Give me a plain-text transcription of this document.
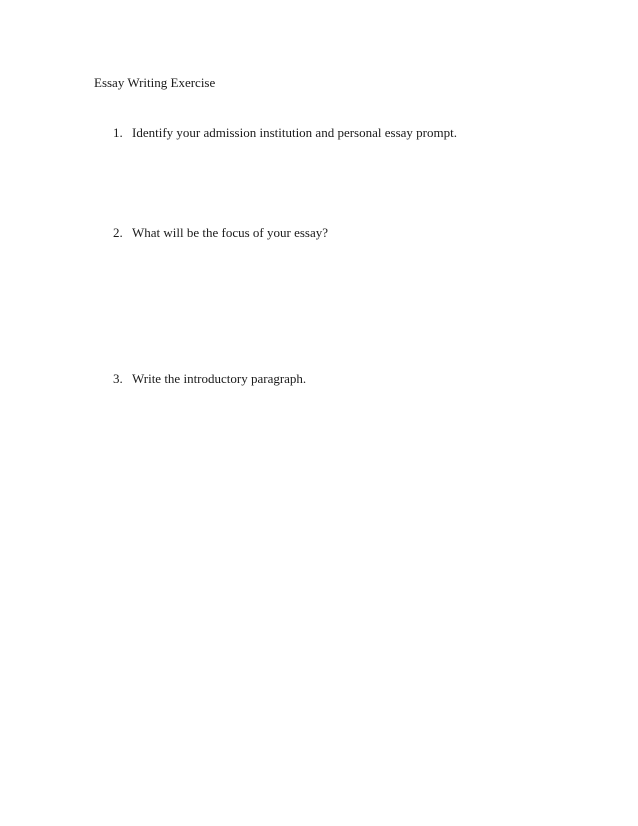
Essay Writing Exercise
1. Identify your admission institution and personal essay prompt.
2. What will be the focus of your essay?
3. Write the introductory paragraph.
